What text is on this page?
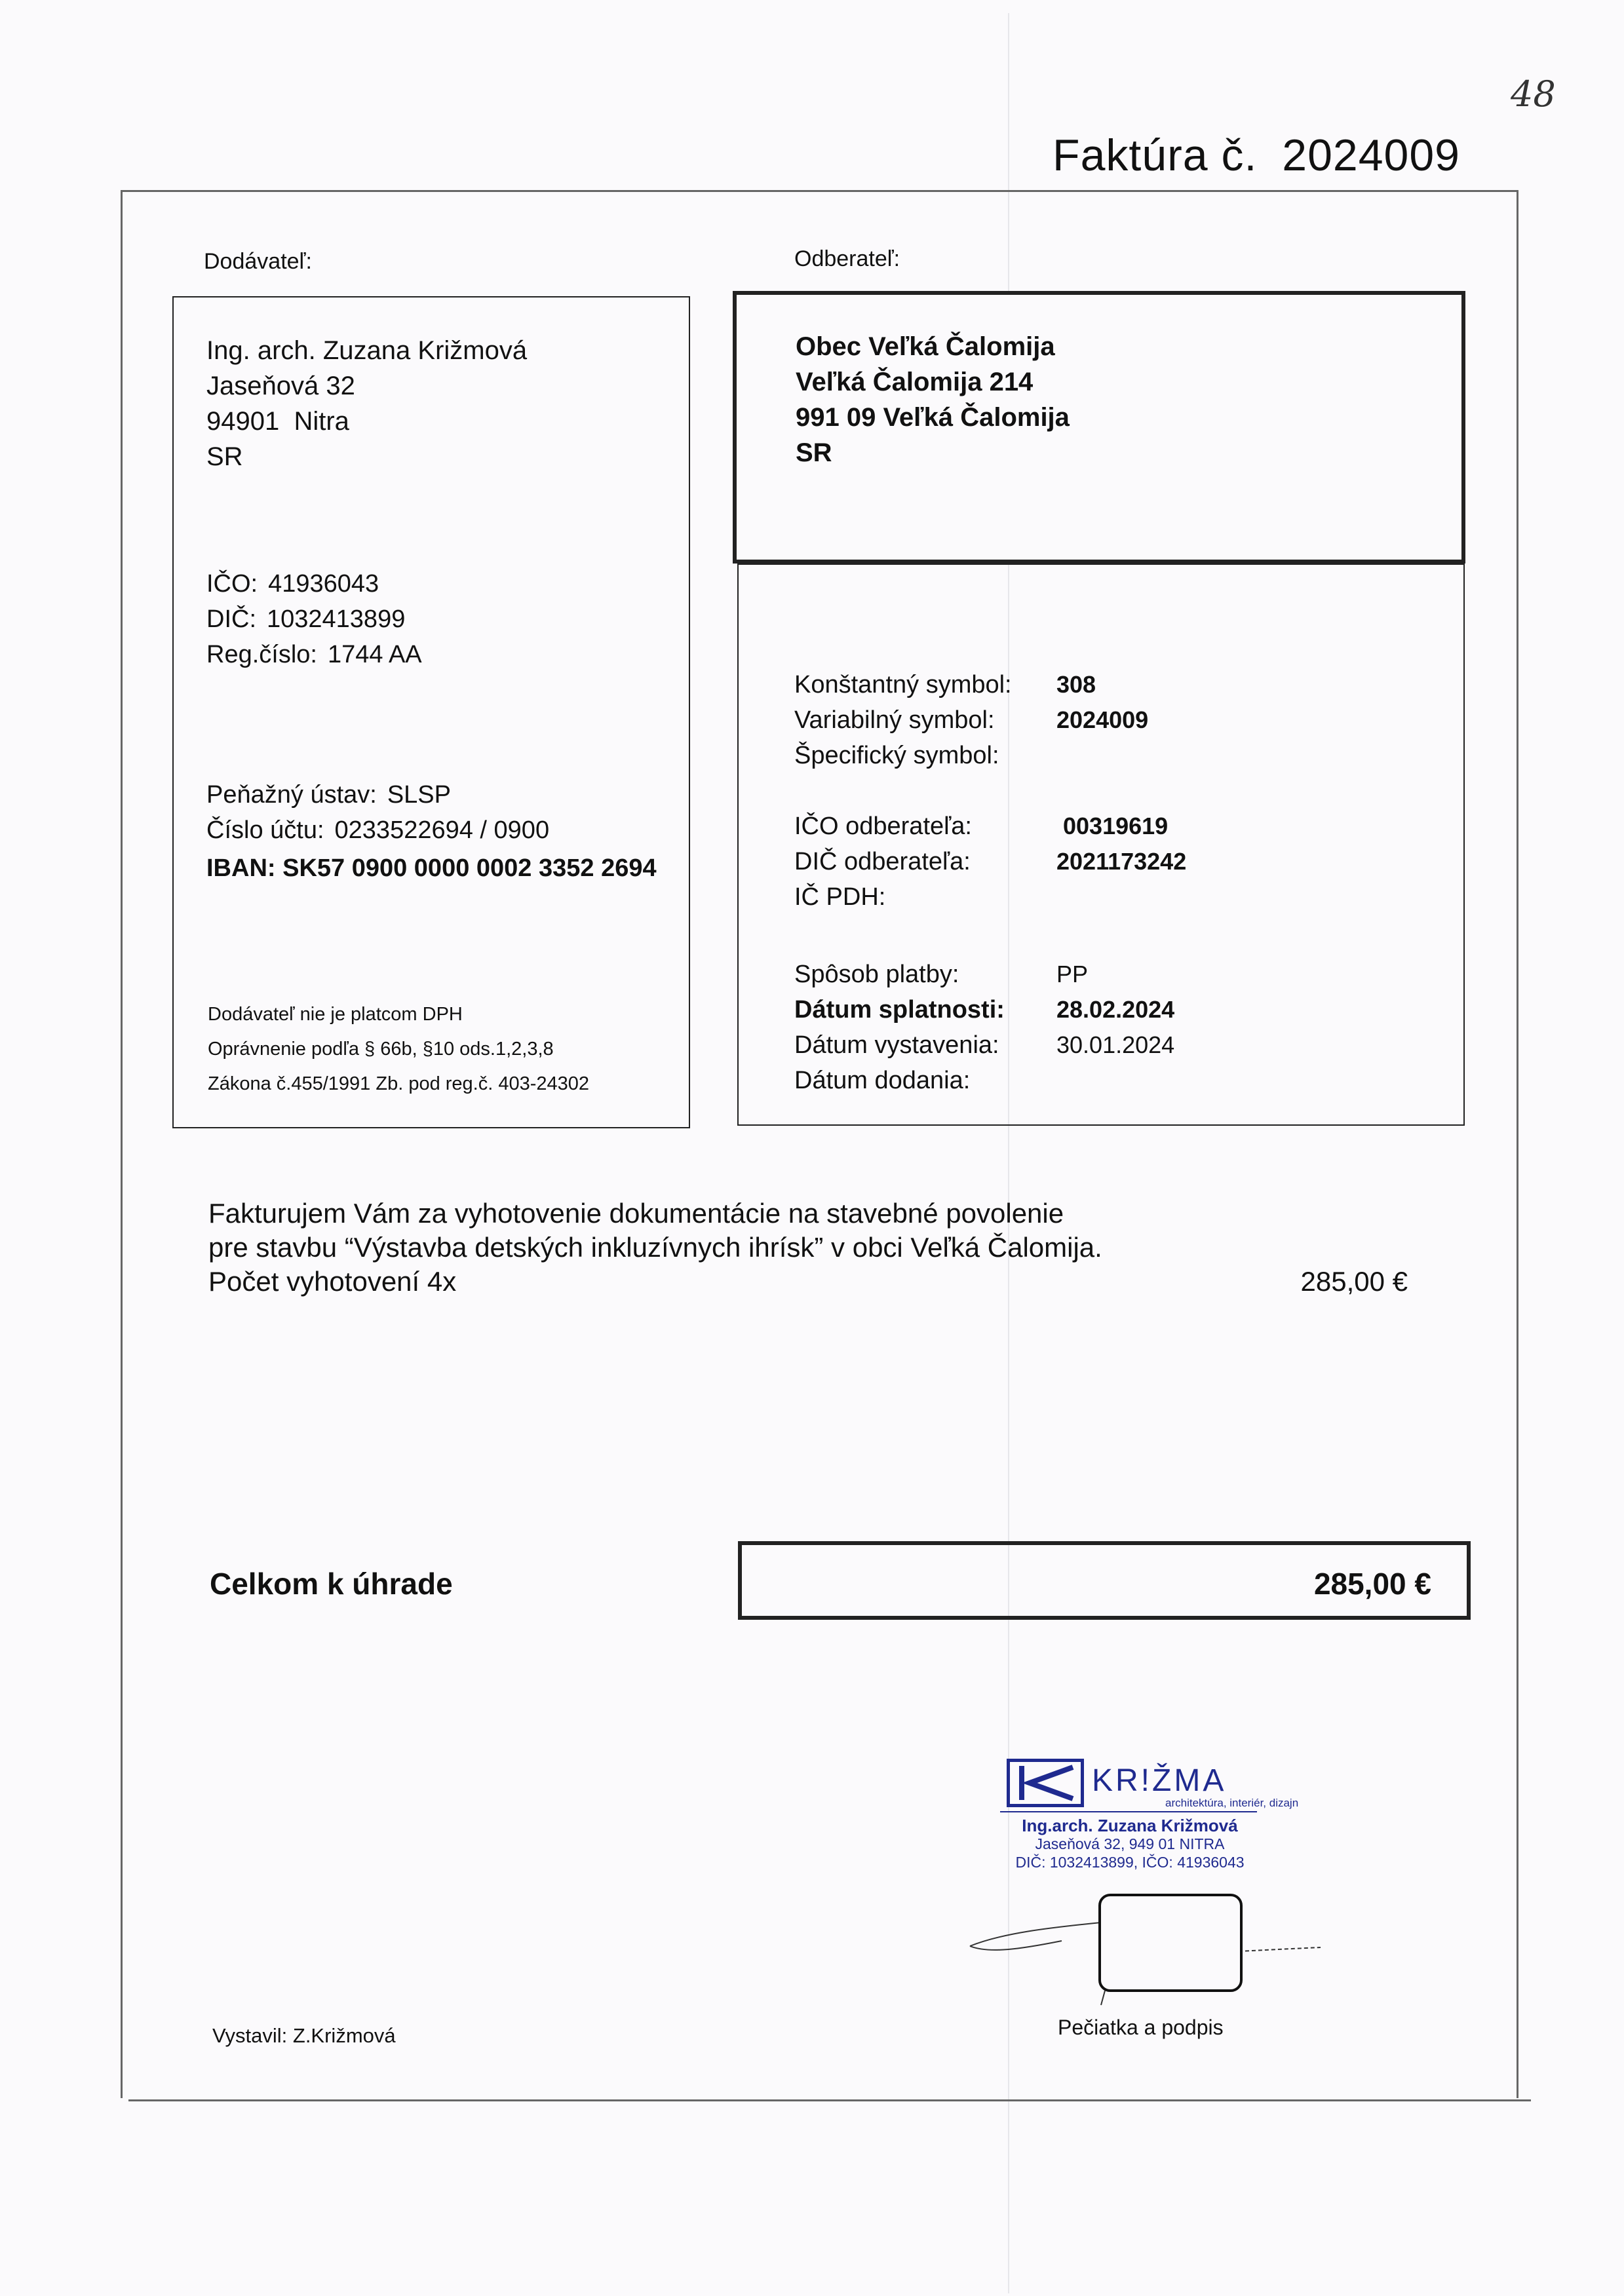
48
Faktúra č. 2024009
Dodávateľ:	Odberateľ:
Ing. arch. Zuzana Križmová
Jaseňová 32
94901  Nitra
SR
IČO: 41936043
DIČ: 1032413899
Reg.číslo: 1744 AA
Peňažný ústav: SLSP
Číslo účtu: 0233522694 / 0900
IBAN: SK57 0900 0000 0002 3352 2694
Dodávateľ nie je platcom DPH
Oprávnenie podľa § 66b, §10 ods.1,2,3,8
Zákona č.455/1991 Zb. pod reg.č. 403-24302
Obec Veľká Čalomija
Veľká Čalomija 214
991 09 Veľká Čalomija
SR
Konštantný symbol:	308
Variabilný symbol:	2024009
Špecifický symbol:
IČO odberateľa:	00319619
DIČ odberateľa:	2021173242
IČ PDH:
Spôsob platby:	PP
Dátum splatnosti:	28.02.2024
Dátum vystavenia:	30.01.2024
Dátum dodania:
Fakturujem Vám za vyhotovenie dokumentácie na stavebné povolenie
pre stavbu “Výstavba detských inkluzívnych ihrísk” v obci Veľká Čalomija.
Počet vyhotovení 4x	285,00 €
Celkom k úhrade	285,00 €
KR!ŽMA
architektúra, interiér, dizajn
Ing.arch. Zuzana Križmová
Jaseňová 32, 949 01 NITRA
DIČ: 1032413899, IČO: 41936043
Vystavil: Z.Križmová	Pečiatka a podpis
